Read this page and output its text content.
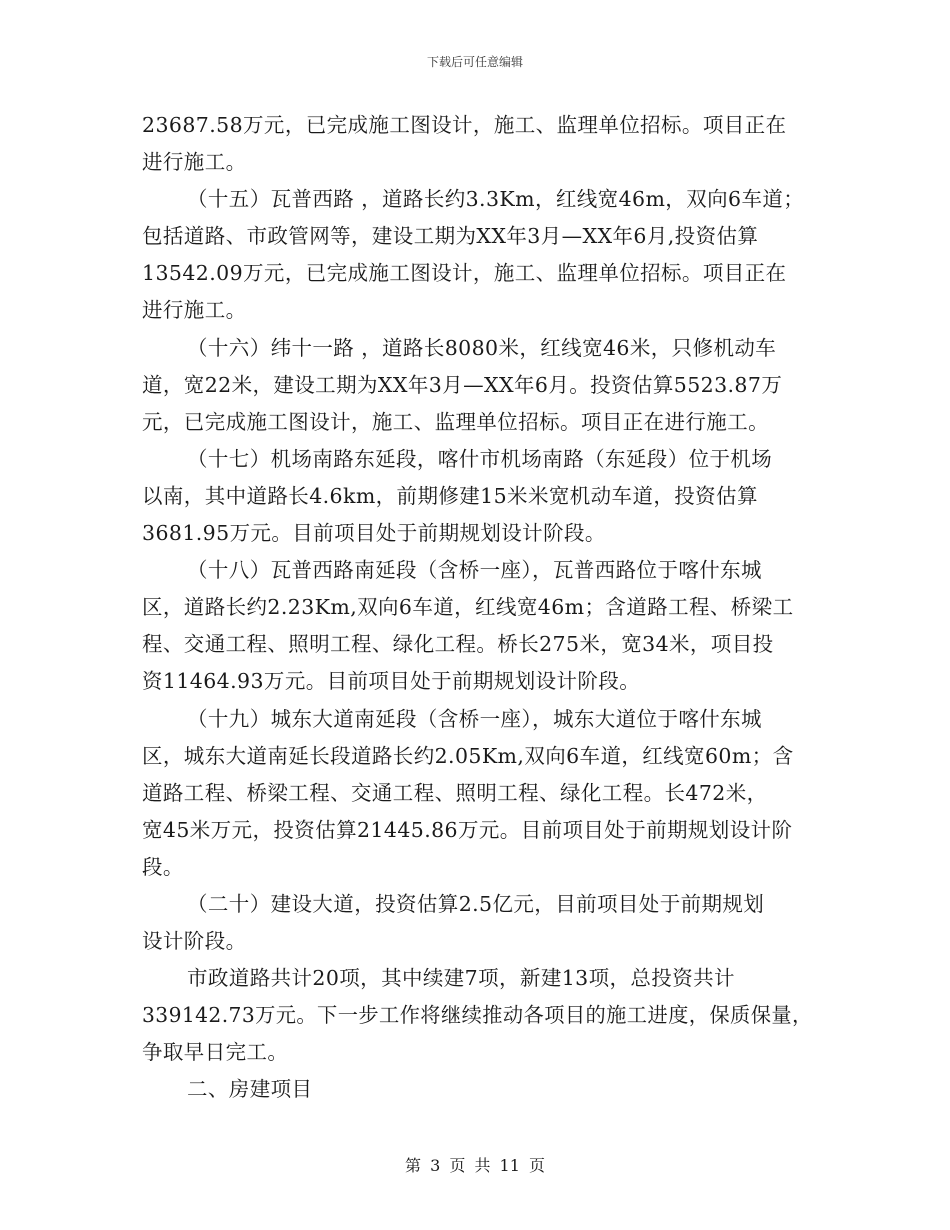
下载后可任意编辑
23687.58万元，已完成施工图设计，施工、监理单位招标。项目正在
进行施工。
（十五）瓦普西路 ，道路长约3.3Km，红线宽46m，双向6车道；
包括道路、市政管网等，建设工期为XX年3月—XX年6月,投资估算
13542.09万元，已完成施工图设计，施工、监理单位招标。项目正在
进行施工。
（十六）纬十一路 ，道路长8080米，红线宽46米，只修机动车
道，宽22米，建设工期为XX年3月—XX年6月。投资估算5523.87万
元，已完成施工图设计，施工、监理单位招标。项目正在进行施工。
（十七）机场南路东延段，喀什市机场南路（东延段）位于机场
以南，其中道路长4.6km，前期修建15米米宽机动车道，投资估算
3681.95万元。目前项目处于前期规划设计阶段。
（十八）瓦普西路南延段（含桥一座），瓦普西路位于喀什东城
区，道路长约2.23Km,双向6车道，红线宽46m；含道路工程、桥梁工
程、交通工程、照明工程、绿化工程。桥长275米，宽34米，项目投
资11464.93万元。目前项目处于前期规划设计阶段。
（十九）城东大道南延段（含桥一座），城东大道位于喀什东城
区，城东大道南延长段道路长约2.05Km,双向6车道，红线宽60m；含
道路工程、桥梁工程、交通工程、照明工程、绿化工程。长472米，
宽45米万元，投资估算21445.86万元。目前项目处于前期规划设计阶
段。
（二十）建设大道，投资估算2.5亿元，目前项目处于前期规划
设计阶段。
市政道路共计20项，其中续建7项，新建13项，总投资共计
339142.73万元。下一步工作将继续推动各项目的施工进度，保质保量，
争取早日完工。
二、房建项目
第 3 页 共 11 页
